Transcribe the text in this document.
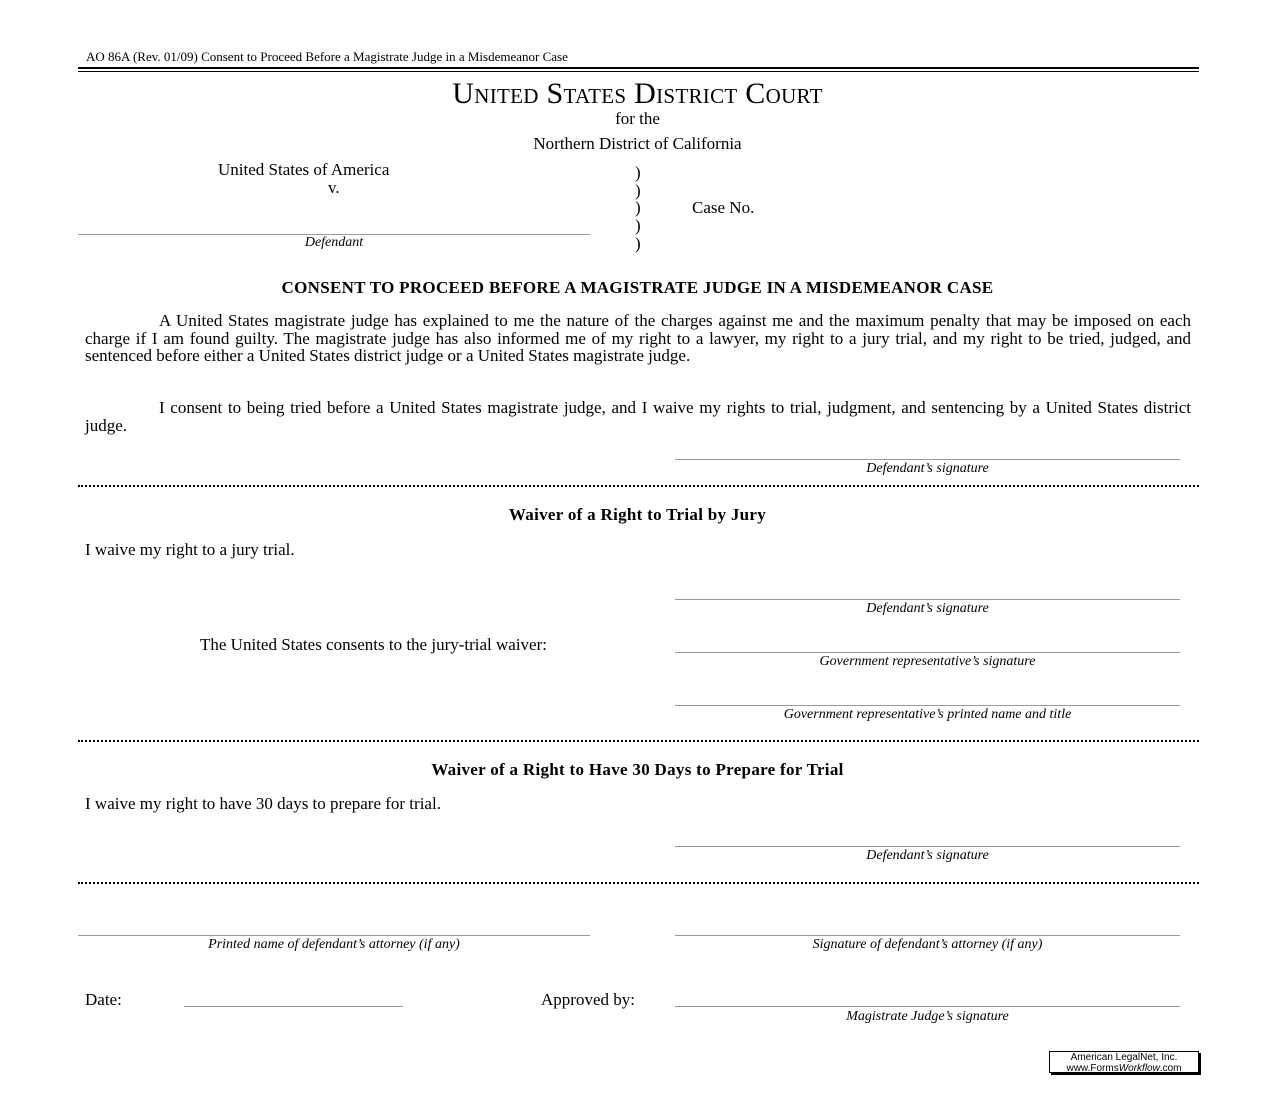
AO 86A (Rev. 01/09) Consent to Proceed Before a Magistrate Judge in a Misdemeanor Case
United States District Court
for the
Northern District of California
United States of America
v.
Defendant
)
)
)
)
)
Case No.
CONSENT TO PROCEED BEFORE A MAGISTRATE JUDGE IN A MISDEMEANOR CASE
A United States magistrate judge has explained to me the nature of the charges against me and the maximum penalty that may be imposed on each charge if I am found guilty. The magistrate judge has also informed me of my right to a lawyer, my right to a jury trial, and my right to be tried, judged, and sentenced before either a United States district judge or a United States magistrate judge.
I consent to being tried before a United States magistrate judge, and I waive my rights to trial, judgment, and sentencing by a United States district judge.
Defendant’s signature
Waiver of a Right to Trial by Jury
I waive my right to a jury trial.
Defendant’s signature
The United States consents to the jury-trial waiver:
Government representative’s signature
Government representative’s printed name and title
Waiver of a Right to Have 30 Days to Prepare for Trial
I waive my right to have 30 days to prepare for trial.
Defendant’s signature
Printed name of defendant’s attorney (if any)	Signature of defendant’s attorney (if any)
Date:	Approved by:
Magistrate Judge’s signature
American LegalNet, Inc.
www.FormsWorkflow.com
